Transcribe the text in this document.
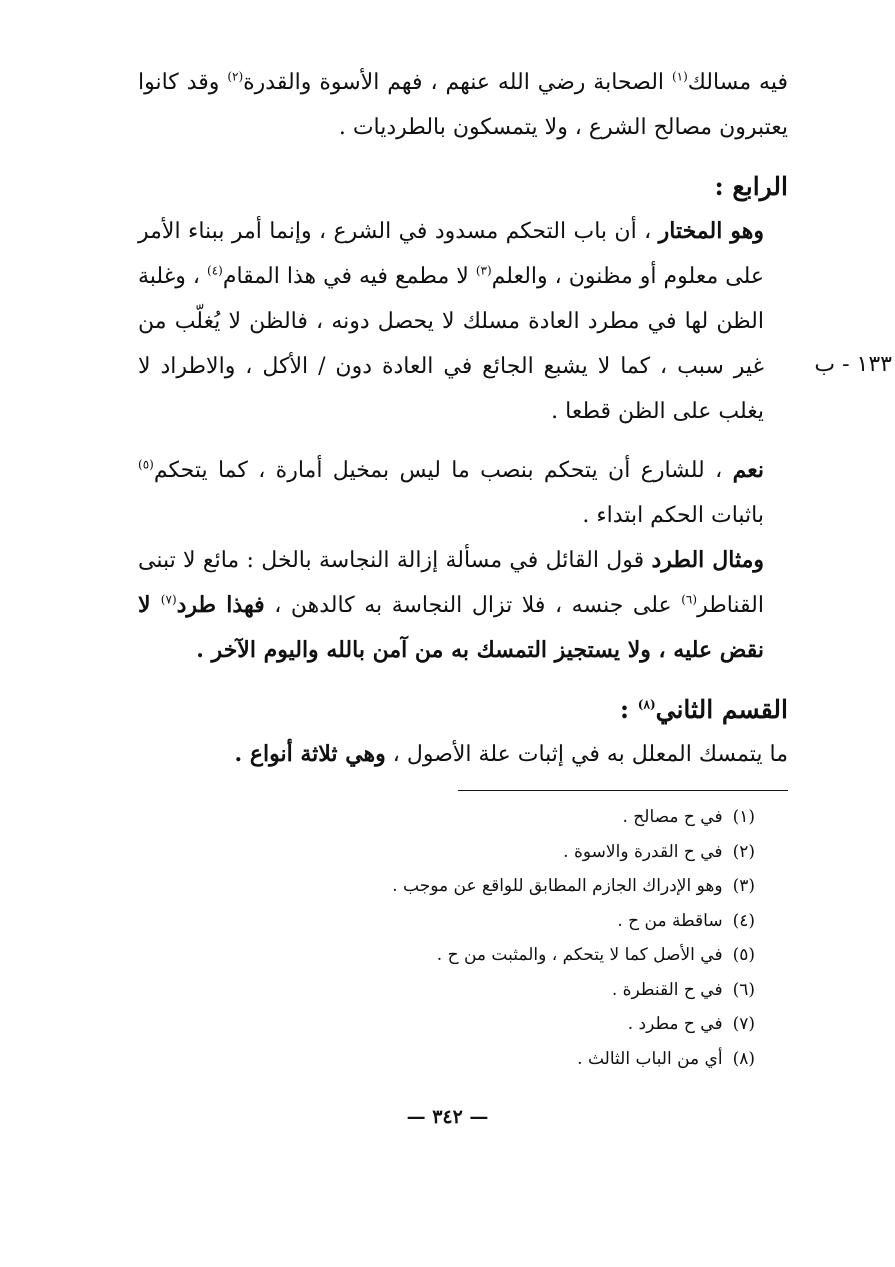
فيه مسالك$^{(١)}$ الصحابة رضي الله عنهم ، فهم الأسوة والقدرة$^{(٢)}$ وقد كانوا يعتبرون مصالح الشرع ، ولا يتمسكون بالطرديات .

الرابع :

وهو المختار ، أن باب التحكم مسدود في الشرع ، وإنما أمر ببناء الأمر على معلوم أو مظنون ، والعلم$^{(٣)}$ لا مطمع فيه في هذا المقام$^{(٤)}$ ، وغلبة الظن لها في مطرد العادة مسلك لا يحصل دونه ، فالظن لا يُغلّب من غير سبب ، كما لا يشبع الجائع في العادة دون / الأكل ، والاطراد لا يغلب على الظن قطعا .

نعم ، للشارع أن يتحكم بنصب ما ليس بمخيل أمارة ، كما يتحكم$^{(٥)}$ باثبات الحكم ابتداء .

ومثال الطرد قول القائل في مسألة إزالة النجاسة بالخل : مائع لا تبنى القناطر$^{(٦)}$ على جنسه ، فلا تزال النجاسة به كالدهن ، فهذا طرد$^{(٧)}$ لا نقض عليه ، ولا يستجيز التمسك به من آمن بالله واليوم الآخر .

القسم الثاني$^{(٨)}$ :

ما يتمسك المعلل به في إثبات علة الأصول ، وهي ثلاثة أنواع .

١٣٣ - ب
(١)في ح مصالح .
(٢)في ح القدرة والاسوة .
(٣)وهو الإدراك الجازم المطابق للواقع عن موجب .
(٤)ساقطة من ح .
(٥)في الأصل كما لا يتحكم ، والمثبت من ح .
(٦)في ح القنطرة .
(٧)في ح مطرد .
(٨)أي من الباب الثالث .
— ٣٤٢ —
